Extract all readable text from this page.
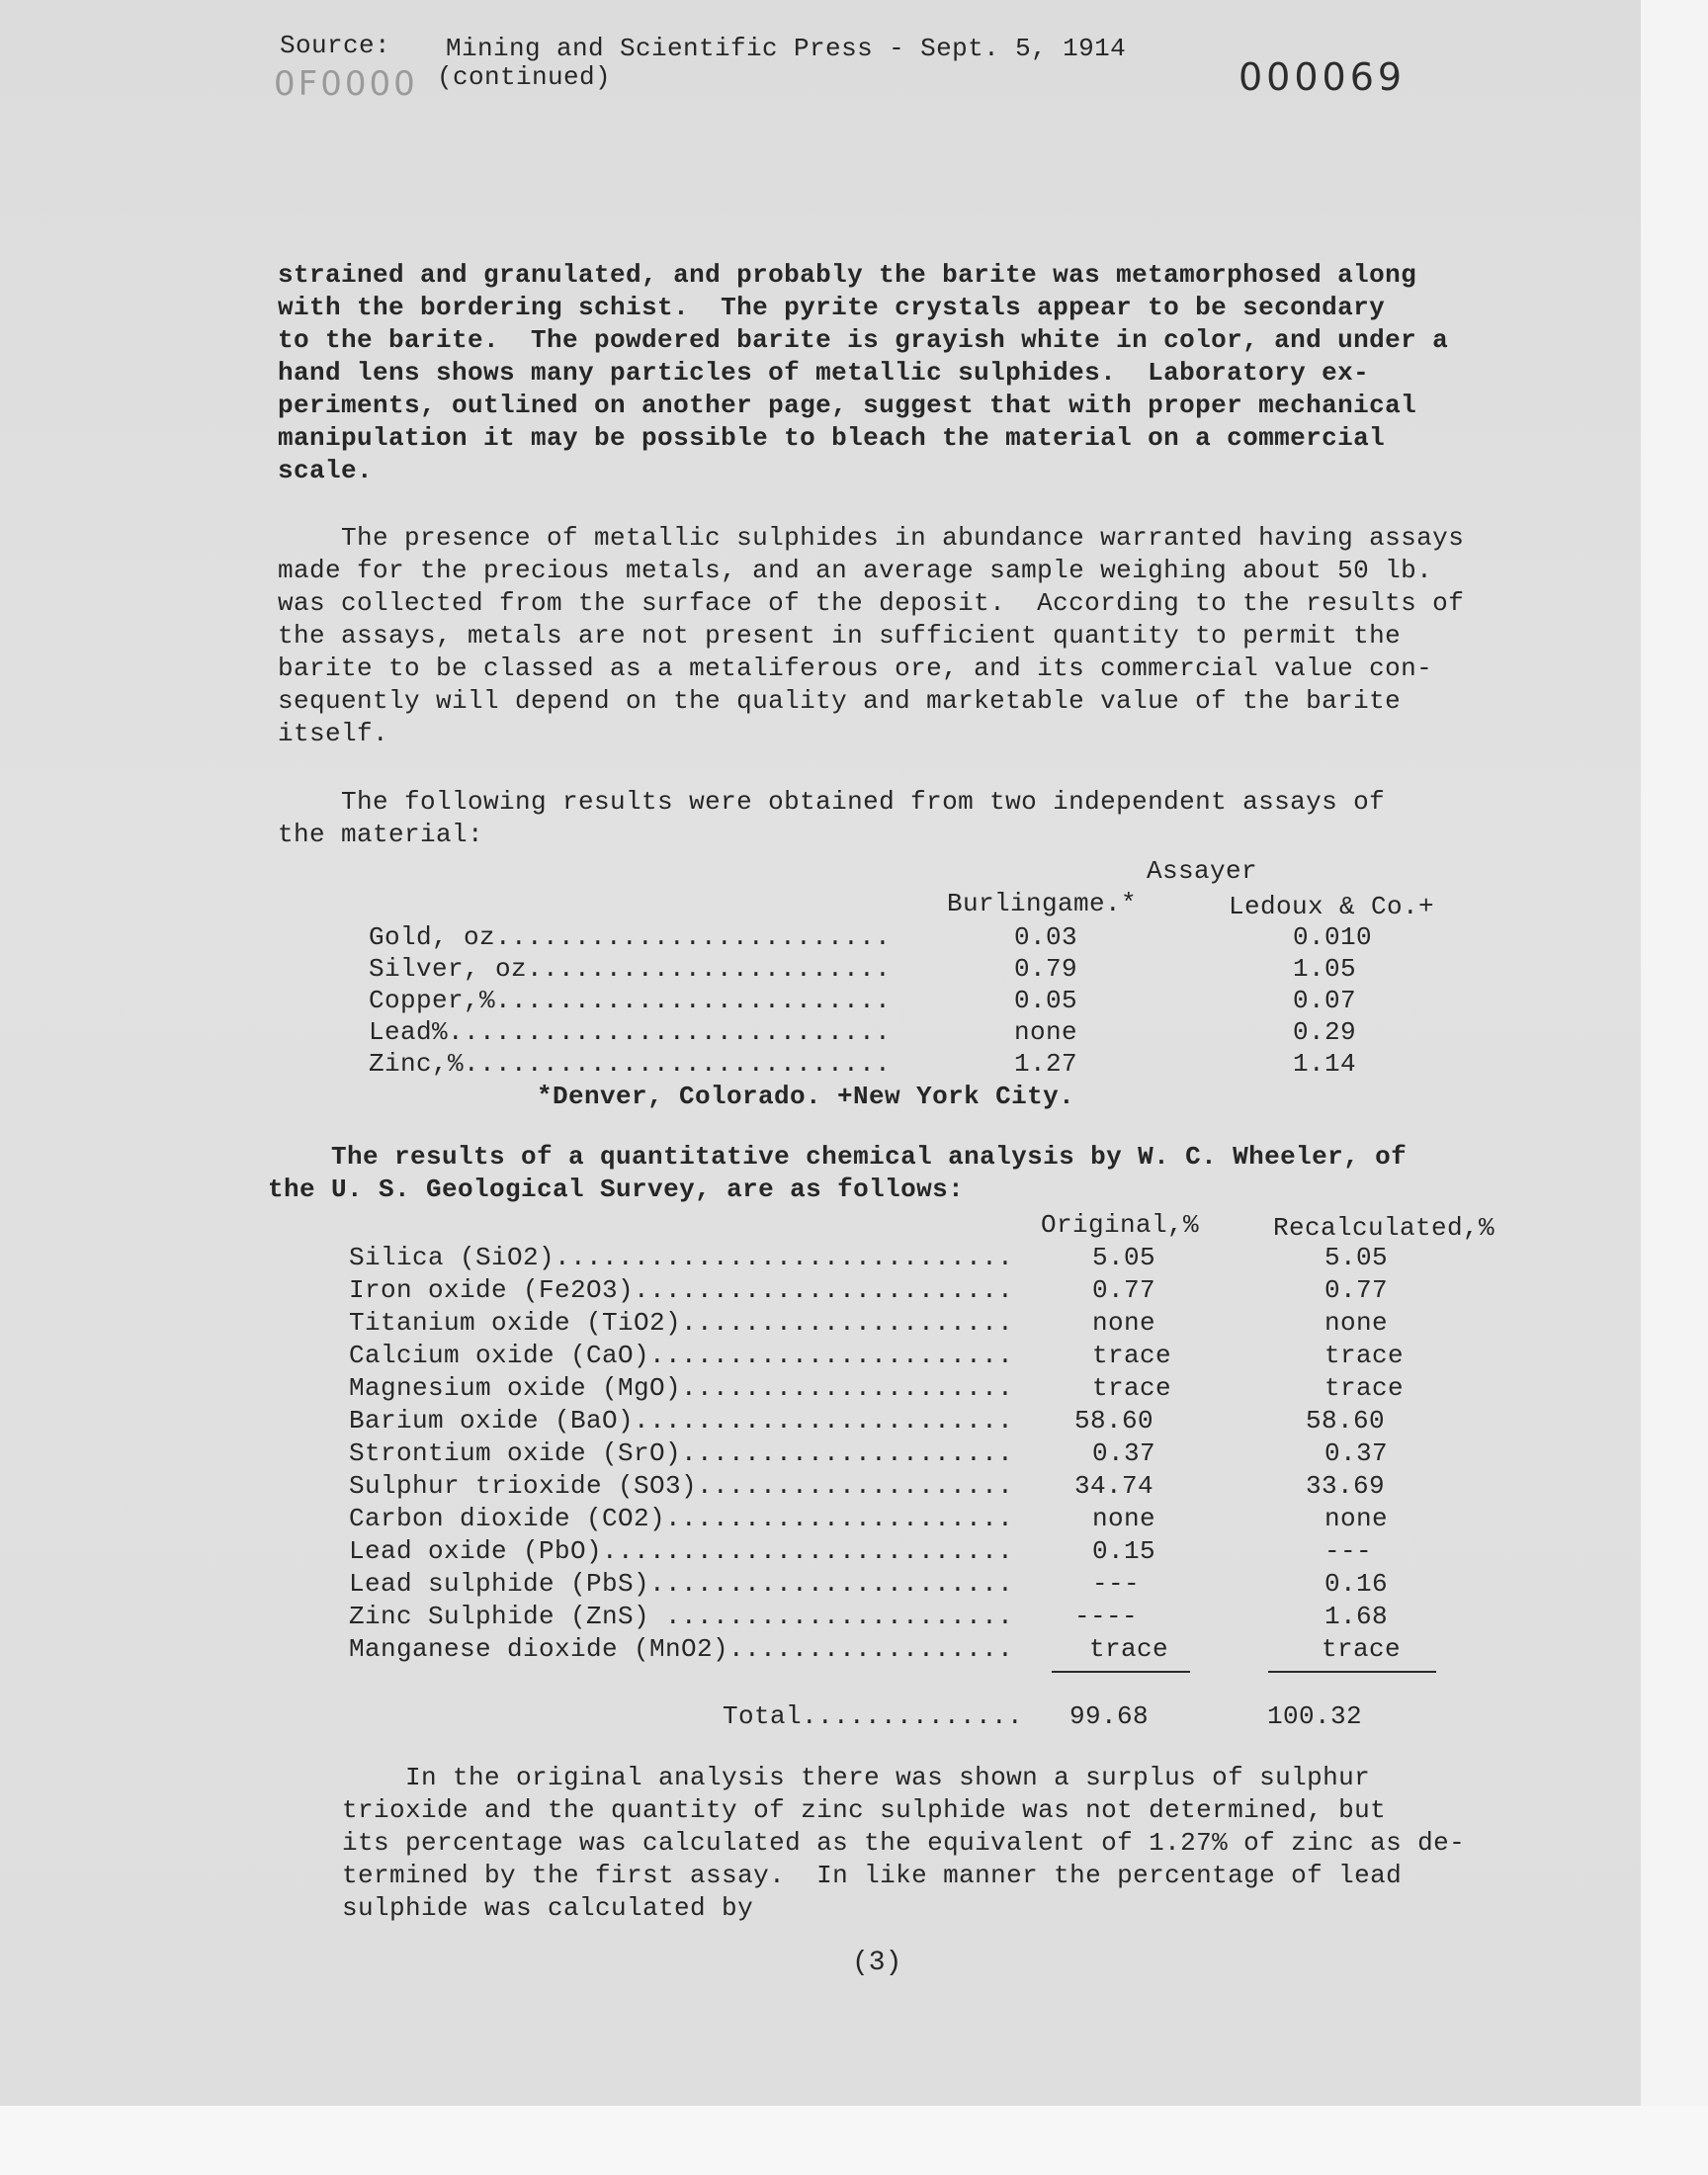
Source: Mining and Scientific Press - Sept. 5, 1914
(continued)
0F0000	000069
strained and granulated, and probably the barite was metamorphosed along
with the bordering schist.  The pyrite crystals appear to be secondary
to the barite.  The powdered barite is grayish white in color, and under a
hand lens shows many particles of metallic sulphides.  Laboratory ex-
periments, outlined on another page, suggest that with proper mechanical
manipulation it may be possible to bleach the material on a commercial
scale.
The presence of metallic sulphides in abundance warranted having assays
made for the precious metals, and an average sample weighing about 50 lb.
was collected from the surface of the deposit.  According to the results of
the assays, metals are not present in sufficient quantity to permit the
barite to be classed as a metaliferous ore, and its commercial value con-
sequently will depend on the quality and marketable value of the barite
itself.
The following results were obtained from two independent assays of
the material:
Assayer
Burlingame.*	Ledoux & Co.+
Gold, oz.........................	0.03	0.010
Silver, oz.......................	0.79	1.05
Copper,%.........................	0.05	0.07
Lead%............................	none	0.29
Zinc,%...........................	1.27	1.14
*Denver, Colorado. +New York City.
The results of a quantitative chemical analysis by W. C. Wheeler, of
the U. S. Geological Survey, are as follows:
Original,%	Recalculated,%
Silica (SiO2).............................	5.05	5.05
Iron oxide (Fe2O3)........................	0.77	0.77
Titanium oxide (TiO2).....................	none	none
Calcium oxide (CaO).......................	trace	trace
Magnesium oxide (MgO).....................	trace	trace
Barium oxide (BaO)........................ 58.60	58.60
Strontium oxide (SrO).....................	0.37	0.37
Sulphur trioxide (SO3).................... 34.74	33.69
Carbon dioxide (CO2)......................	none	none
Lead oxide (PbO)..........................	0.15	---
Lead sulphide (PbS).......................	---	0.16
Zinc Sulphide (ZnS) ...................... ----	1.68
Manganese dioxide (MnO2)..................	trace	trace
Total.............. 99.68	100.32
In the original analysis there was shown a surplus of sulphur
trioxide and the quantity of zinc sulphide was not determined, but
its percentage was calculated as the equivalent of 1.27% of zinc as de-
termined by the first assay.  In like manner the percentage of lead
sulphide was calculated by
(3)
